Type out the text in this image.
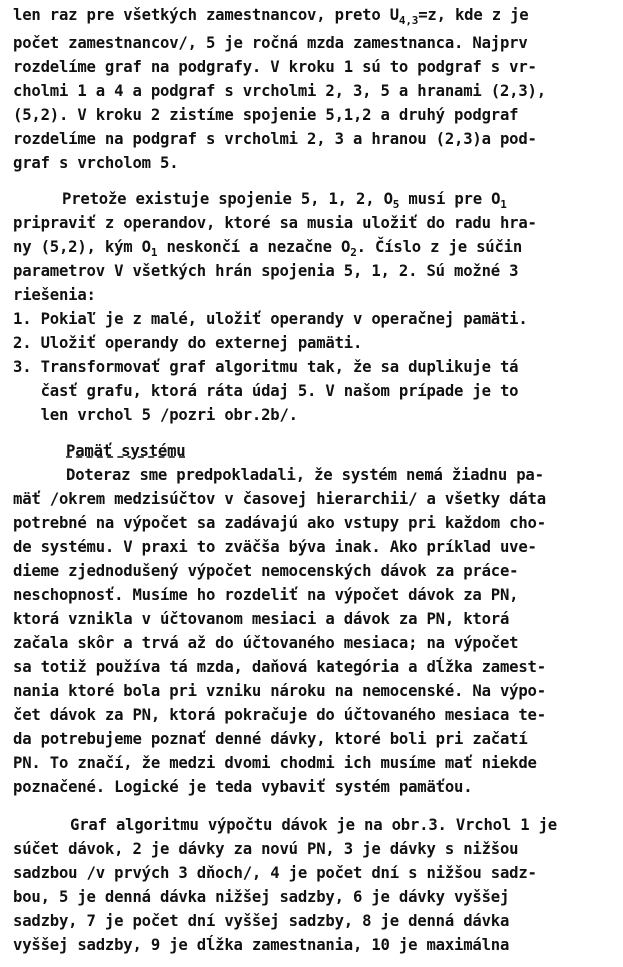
len raz pre všetkých zamestnancov, preto $U_{4,3}=z$, kde z je
počet zamestnancov/, 5 je ročná mzda zamestnanca. Najprv
rozdelíme graf na podgrafy. V kroku 1 sú to podgraf s vr-
cholmi 1 a 4 a podgraf s vrcholmi 2, 3, 5 a hranami (2,3),
(5,2). V kroku 2 zistíme spojenie 5,1,2 a druhý podgraf
rozdelíme na podgraf s vrcholmi 2, 3 a hranou (2,3)a pod-
graf s vrcholom 5.
Pretože existuje spojenie 5, 1, 2, $O_5$ musí pre $O_1$
pripraviť z operandov, ktoré sa musia uložiť do radu hra-
ny (5,2), kým $O_1$ neskončí a nezačne $O_2$. Číslo z je súčin
parametrov V všetkých hrán spojenia 5, 1, 2. Sú možné 3
riešenia:
1. Pokiaľ je z malé, uložiť operandy v operačnej pamäti.
2. Uložiť operandy do externej pamäti.
3. Transformovať graf algoritmu tak, že sa duplikuje tá
časť grafu, ktorá ráta údaj 5. V našom prípade je to
len vrchol 5 /pozri obr.2b/.
Pamäť systému
Doteraz sme predpokladali, že systém nemá žiadnu pa-
mäť /okrem medzisúčtov v časovej hierarchii/ a všetky dáta
potrebné na výpočet sa zadávajú ako vstupy pri každom cho-
de systému. V praxi to zväčša býva inak. Ako príklad uve-
dieme zjednodušený výpočet nemocenských dávok za práce-
neschopnosť. Musíme ho rozdeliť na výpočet dávok za PN,
ktorá vznikla v účtovanom mesiaci a dávok za PN, ktorá
začala skôr a trvá až do účtovaného mesiaca; na výpočet
sa totiž používa tá mzda, daňová kategória a dĺžka zamest-
nania ktoré bola pri vzniku nároku na nemocenské. Na výpo-
čet dávok za PN, ktorá pokračuje do účtovaného mesiaca te-
da potrebujeme poznať denné dávky, ktoré boli pri začatí
PN. To značí, že medzi dvomi chodmi ich musíme mať niekde
poznačené. Logické je teda vybaviť systém pamäťou.
Graf algoritmu výpočtu dávok je na obr.3. Vrchol 1 je
súčet dávok, 2 je dávky za novú PN, 3 je dávky s nižšou
sadzbou /v prvých 3 dňoch/, 4 je počet dní s nižšou sadz-
bou, 5 je denná dávka nižšej sadzby, 6 je dávky vyššej
sadzby, 7 je počet dní vyššej sadzby, 8 je denná dávka
vyššej sadzby, 9 je dĺžka zamestnania, 10 je maximálna
